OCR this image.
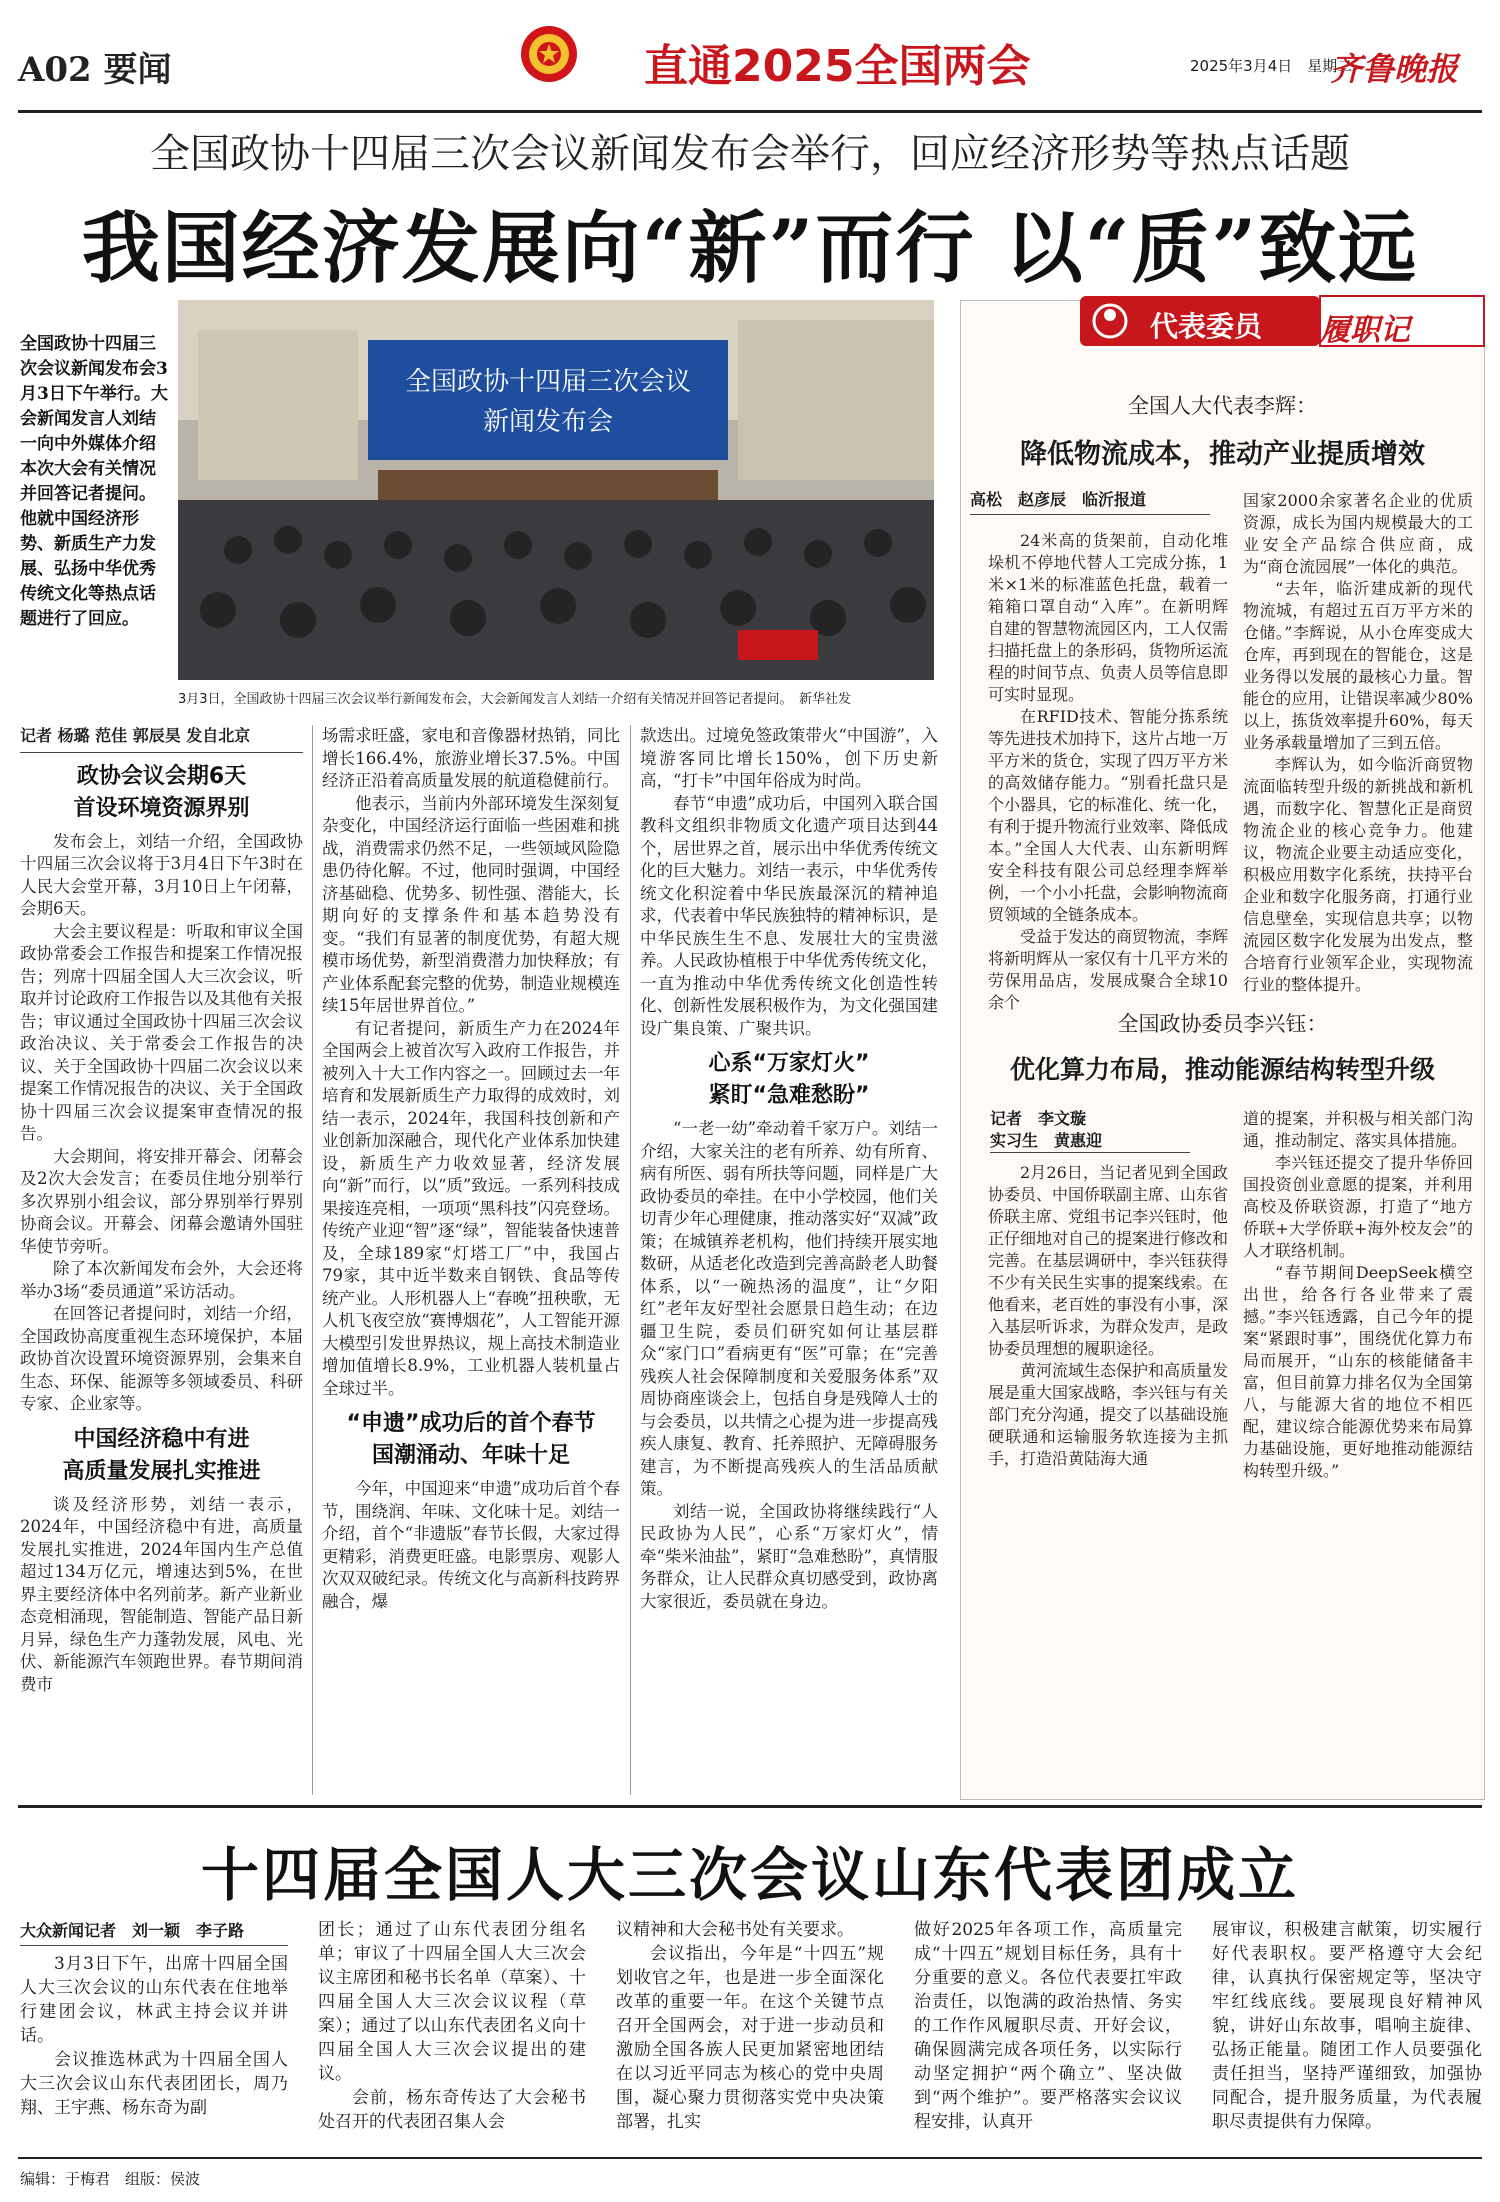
A02 要闻	直通2025全国两会	2025年3月4日　星期二
齐鲁晚报
全国政协十四届三次会议新闻发布会举行，回应经济形势等热点话题
我国经济发展向“新”而行 以“质”致远
全国政协十四届三次会议
新闻发布会
全国政协十四届三次会议新闻发布会3月3日下午举行。大会新闻发言人刘结一向中外媒体介绍本次大会有关情况并回答记者提问。他就中国经济形势、新质生产力发展、弘扬中华优秀传统文化等热点话题进行了回应。
3月3日，全国政协十四届三次会议举行新闻发布会，大会新闻发言人刘结一介绍有关情况并回答记者提问。　新华社发
记者 杨璐 范佳 郭辰昊 发自北京
政协会议会期6天
首设环境资源界别

发布会上，刘结一介绍，全国政协十四届三次会议将于3月4日下午3时在人民大会堂开幕，3月10日上午闭幕，会期6天。

大会主要议程是：听取和审议全国政协常委会工作报告和提案工作情况报告；列席十四届全国人大三次会议，听取并讨论政府工作报告以及其他有关报告；审议通过全国政协十四届三次会议政治决议、关于常委会工作报告的决议、关于全国政协十四届二次会议以来提案工作情况报告的决议、关于全国政协十四届三次会议提案审查情况的报告。

大会期间，将安排开幕会、闭幕会及2次大会发言；在委员住地分别举行多次界别小组会议，部分界别举行界别协商会议。开幕会、闭幕会邀请外国驻华使节旁听。

除了本次新闻发布会外，大会还将举办3场“委员通道”采访活动。

在回答记者提问时，刘结一介绍，全国政协高度重视生态环境保护，本届政协首次设置环境资源界别，会集来自生态、环保、能源等多领域委员、科研专家、企业家等。

中国经济稳中有进
高质量发展扎实推进

谈及经济形势，刘结一表示，2024年，中国经济稳中有进，高质量发展扎实推进，2024年国内生产总值超过134万亿元，增速达到5%，在世界主要经济体中名列前茅。新产业新业态竞相涌现，智能制造、智能产品日新月异，绿色生产力蓬勃发展，风电、光伏、新能源汽车领跑世界。春节期间消费市

场需求旺盛，家电和音像器材热销，同比增长166.4%，旅游业增长37.5%。中国经济正沿着高质量发展的航道稳健前行。

他表示，当前内外部环境发生深刻复杂变化，中国经济运行面临一些困难和挑战，消费需求仍然不足，一些领域风险隐患仍待化解。不过，他同时强调，中国经济基础稳、优势多、韧性强、潜能大，长期向好的支撑条件和基本趋势没有变。“我们有显著的制度优势，有超大规模市场优势，新型消费潜力加快释放；有产业体系配套完整的优势，制造业规模连续15年居世界首位。”

有记者提问，新质生产力在2024年全国两会上被首次写入政府工作报告，并被列入十大工作内容之一。回顾过去一年培育和发展新质生产力取得的成效时，刘结一表示，2024年，我国科技创新和产业创新加深融合，现代化产业体系加快建设，新质生产力收效显著，经济发展向“新”而行，以“质”致远。一系列科技成果接连亮相，一项项“黑科技”闪亮登场。传统产业迎“智”逐“绿”，智能装备快速普及，全球189家“灯塔工厂”中，我国占79家，其中近半数来自钢铁、食品等传统产业。人形机器人上“春晚”扭秧歌，无人机飞夜空放“赛博烟花”，人工智能开源大模型引发世界热议，规上高技术制造业增加值增长8.9%，工业机器人装机量占全球过半。

“申遗”成功后的首个春节
国潮涌动、年味十足

今年，中国迎来“申遗”成功后首个春节，围绕润、年味、文化味十足。刘结一介绍，首个“非遗版”春节长假，大家过得更精彩，消费更旺盛。电影票房、观影人次双双破纪录。传统文化与高新科技跨界融合，爆

款迭出。过境免签政策带火“中国游”，入境游客同比增长150%，创下历史新高，“打卡”中国年俗成为时尚。

春节“申遗”成功后，中国列入联合国教科文组织非物质文化遗产项目达到44个，居世界之首，展示出中华优秀传统文化的巨大魅力。刘结一表示，中华优秀传统文化积淀着中华民族最深沉的精神追求，代表着中华民族独特的精神标识，是中华民族生生不息、发展壮大的宝贵滋养。人民政协植根于中华优秀传统文化，一直为推动中华优秀传统文化创造性转化、创新性发展积极作为，为文化强国建设广集良策、广聚共识。

心系“万家灯火”
紧盯“急难愁盼”

“一老一幼”牵动着千家万户。刘结一介绍，大家关注的老有所养、幼有所育、病有所医、弱有所扶等问题，同样是广大政协委员的牵挂。在中小学校园，他们关切青少年心理健康，推动落实好“双减”政策；在城镇养老机构，他们持续开展实地数研，从适老化改造到完善高龄老人助餐体系，以“一碗热汤的温度”，让“夕阳红”老年友好型社会愿景日趋生动；在边疆卫生院，委员们研究如何让基层群众“家门口”看病更有“医”可靠；在“完善残疾人社会保障制度和关爱服务体系”双周协商座谈会上，包括自身是残障人士的与会委员，以共情之心提为进一步提高残疾人康复、教育、托养照护、无障碍服务建言，为不断提高残疾人的生活品质献策。

刘结一说，全国政协将继续践行“人民政协为人民”，心系“万家灯火”，情牵“柴米油盐”，紧盯“急难愁盼”，真情服务群众，让人民群众真切感受到，政协离大家很近，委员就在身边。

代表委员 履职记
全国人大代表李辉：
降低物流成本，推动产业提质增效
高松　赵彦辰　临沂报道

24米高的货架前，自动化堆垛机不停地代替人工完成分拣，1米×1米的标准蓝色托盘，载着一箱箱口罩自动“入库”。在新明辉自建的智慧物流园区内，工人仅需扫描托盘上的条形码，货物所运流程的时间节点、负责人员等信息即可实时显现。

在RFID技术、智能分拣系统等先进技术加持下，这片占地一万平方米的货仓，实现了四万平方米的高效储存能力。“别看托盘只是个小器具，它的标准化、统一化，有利于提升物流行业效率、降低成本。”全国人大代表、山东新明辉安全科技有限公司总经理李辉举例，一个小小托盘，会影响物流商贸领域的全链条成本。

受益于发达的商贸物流，李辉将新明辉从一家仅有十几平方米的劳保用品店，发展成聚合全球10余个

国家2000余家著名企业的优质资源，成长为国内规模最大的工业安全产品综合供应商，成为“商仓流园展”一体化的典范。

“去年，临沂建成新的现代物流城，有超过五百万平方米的仓储。”李辉说，从小仓库变成大仓库，再到现在的智能仓，这是业务得以发展的最核心力量。智能仓的应用，让错误率减少80%以上，拣货效率提升60%，每天业务承载量增加了三到五倍。

李辉认为，如今临沂商贸物流面临转型升级的新挑战和新机遇，而数字化、智慧化正是商贸物流企业的核心竞争力。他建议，物流企业要主动适应变化，积极应用数字化系统，扶持平台企业和数字化服务商，打通行业信息壁垒，实现信息共享；以物流园区数字化发展为出发点，整合培育行业领军企业，实现物流行业的整体提升。

全国政协委员李兴钰：
优化算力布局，推动能源结构转型升级
记者　李文璇
实习生　黄惠迎

2月26日，当记者见到全国政协委员、中国侨联副主席、山东省侨联主席、党组书记李兴钰时，他正仔细地对自己的提案进行修改和完善。在基层调研中，李兴钰获得不少有关民生实事的提案线索。在他看来，老百姓的事没有小事，深入基层听诉求，为群众发声，是政协委员理想的履职途径。

黄河流域生态保护和高质量发展是重大国家战略，李兴钰与有关部门充分沟通，提交了以基础设施硬联通和运输服务软连接为主抓手，打造沿黄陆海大通

道的提案，并积极与相关部门沟通，推动制定、落实具体措施。

李兴钰还提交了提升华侨回国投资创业意愿的提案，并利用高校及侨联资源，打造了“地方侨联+大学侨联+海外校友会”的人才联络机制。

“春节期间DeepSeek横空出世，给各行各业带来了震撼。”李兴钰透露，自己今年的提案“紧跟时事”，围绕优化算力布局而展开，“山东的核能储备丰富，但目前算力排名仅为全国第八，与能源大省的地位不相匹配，建议综合能源优势来布局算力基础设施，更好地推动能源结构转型升级。”

十四届全国人大三次会议山东代表团成立
大众新闻记者　刘一颖　李子路

3月3日下午，出席十四届全国人大三次会议的山东代表在住地举行建团会议，林武主持会议并讲话。

会议推选林武为十四届全国人大三次会议山东代表团团长，周乃翔、王宇燕、杨东奇为副

团长；通过了山东代表团分组名单；审议了十四届全国人大三次会议主席团和秘书长名单（草案）、十四届全国人大三次会议议程（草案）；通过了以山东代表团名义向十四届全国人大三次会议提出的建议。

会前，杨东奇传达了大会秘书处召开的代表团召集人会

议精神和大会秘书处有关要求。

会议指出，今年是“十四五”规划收官之年，也是进一步全面深化改革的重要一年。在这个关键节点召开全国两会，对于进一步动员和激励全国各族人民更加紧密地团结在以习近平同志为核心的党中央周围，凝心聚力贯彻落实党中央决策部署，扎实

做好2025年各项工作，高质量完成“十四五”规划目标任务，具有十分重要的意义。各位代表要扛牢政治责任，以饱满的政治热情、务实的工作作风履职尽责、开好会议，确保圆满完成各项任务，以实际行动坚定拥护“两个确立”、坚决做到“两个维护”。要严格落实会议议程安排，认真开

展审议，积极建言献策，切实履行好代表职权。要严格遵守大会纪律，认真执行保密规定等，坚决守牢红线底线。要展现良好精神风貌，讲好山东故事，唱响主旋律、弘扬正能量。随团工作人员要强化责任担当，坚持严谨细致，加强协同配合，提升服务质量，为代表履职尽责提供有力保障。

编辑：于梅君　组版：侯波
